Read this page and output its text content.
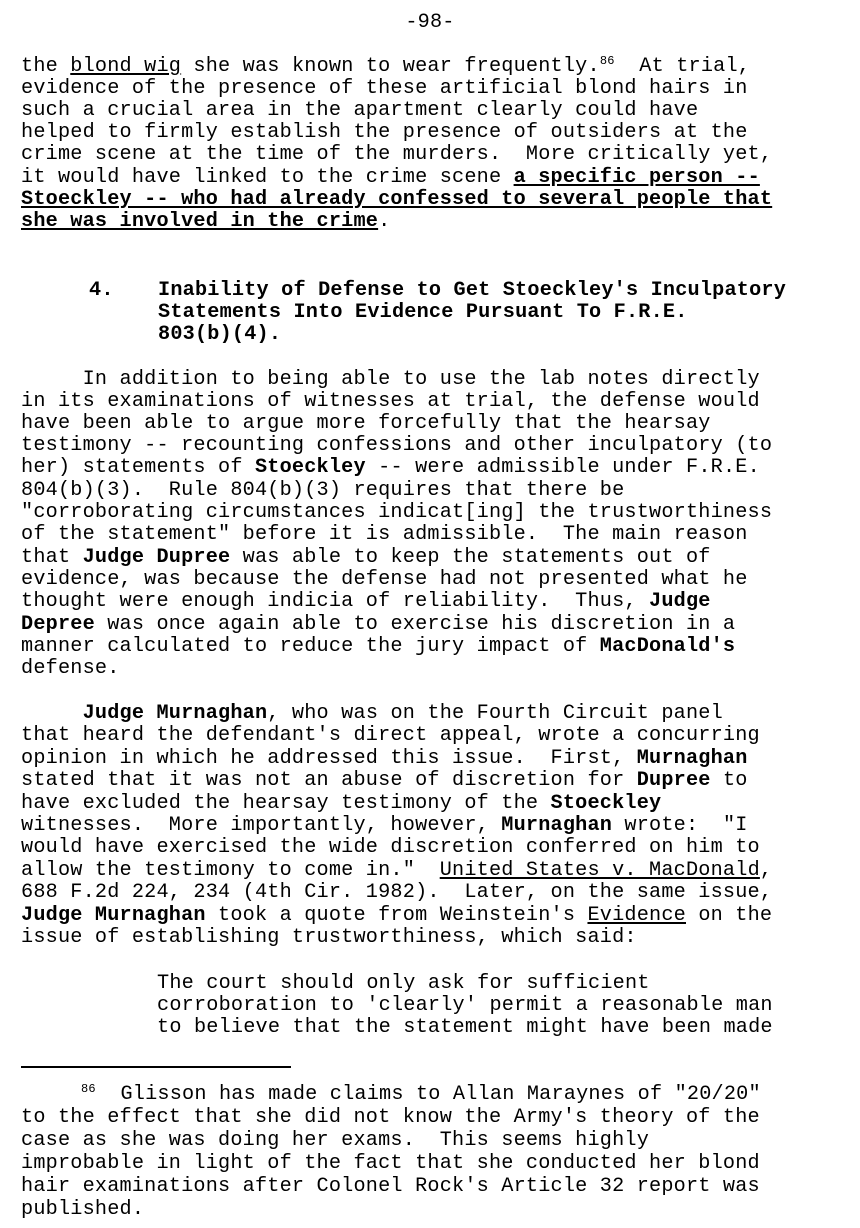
-98-
the blond wig she was known to wear frequently.$^{86}$  At trial,
evidence of the presence of these artificial blond hairs in
such a crucial area in the apartment clearly could have
helped to firmly establish the presence of outsiders at the
crime scene at the time of the murders.  More critically yet,
it would have linked to the crime scene a specific person --
Stoeckley -- who had already confessed to several people that
she was involved in the crime.
4. Inability of Defense to Get Stoeckley's Inculpatory
Statements Into Evidence Pursuant To F.R.E.
803(b)(4).
In addition to being able to use the lab notes directly
in its examinations of witnesses at trial, the defense would
have been able to argue more forcefully that the hearsay
testimony -- recounting confessions and other inculpatory (to
her) statements of Stoeckley -- were admissible under F.R.E.
804(b)(3).  Rule 804(b)(3) requires that there be
"corroborating circumstances indicat[ing] the trustworthiness
of the statement" before it is admissible.  The main reason
that Judge Dupree was able to keep the statements out of
evidence, was because the defense had not presented what he
thought were enough indicia of reliability.  Thus, Judge
Depree was once again able to exercise his discretion in a
manner calculated to reduce the jury impact of MacDonald's
defense.
Judge Murnaghan, who was on the Fourth Circuit panel
that heard the defendant's direct appeal, wrote a concurring
opinion in which he addressed this issue.  First, Murnaghan
stated that it was not an abuse of discretion for Dupree to
have excluded the hearsay testimony of the Stoeckley
witnesses.  More importantly, however, Murnaghan wrote:  "I
would have exercised the wide discretion conferred on him to
allow the testimony to come in."  United States v. MacDonald,
688 F.2d 224, 234 (4th Cir. 1982).  Later, on the same issue,
Judge Murnaghan took a quote from Weinstein's Evidence on the
issue of establishing trustworthiness, which said:
The court should only ask for sufficient
corroboration to 'clearly' permit a reasonable man
to believe that the statement might have been made
$^{86}$  Glisson has made claims to Allan Maraynes of "20/20"
to the effect that she did not know the Army's theory of the
case as she was doing her exams.  This seems highly
improbable in light of the fact that she conducted her blond
hair examinations after Colonel Rock's Article 32 report was
published.
